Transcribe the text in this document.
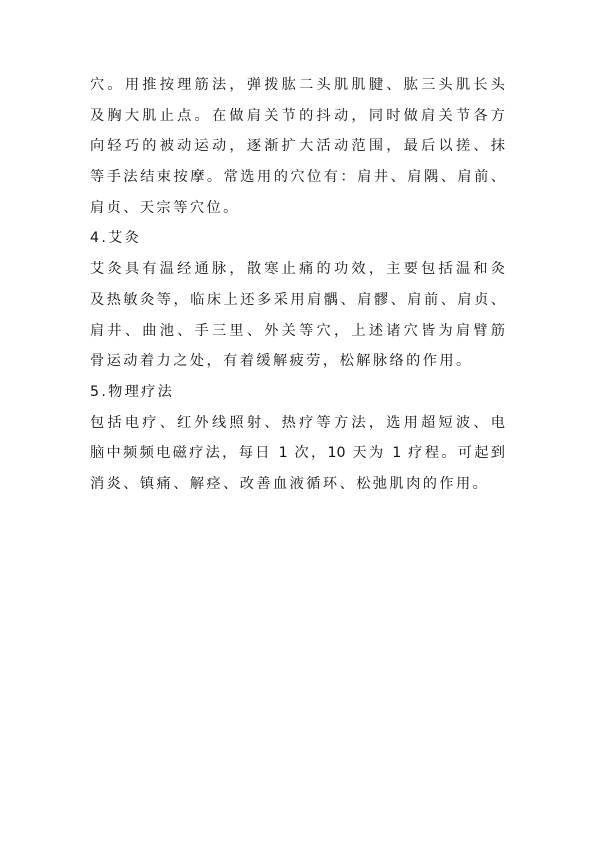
穴。用推按理筋法，弹拨肱二头肌肌腱、肱三头肌长头
及胸大肌止点。在做肩关节的抖动，同时做肩关节各方
向轻巧的被动运动，逐渐扩大活动范围，最后以搓、抹
等手法结束按摩。常选用的穴位有：肩井、肩隅、肩前、
肩贞、天宗等穴位。
4.艾灸
艾灸具有温经通脉，散寒止痛的功效，主要包括温和灸
及热敏灸等，临床上还多采用肩髃、肩髎、肩前、肩贞、
肩井、曲池、手三里、外关等穴，上述诸穴皆为肩臂筋
骨运动着力之处，有着缓解疲劳，松解脉络的作用。
5.物理疗法
包括电疗、红外线照射、热疗等方法，选用超短波、电
脑中频频电磁疗法，每日 1 次，10 天为 1 疗程。可起到
消炎、镇痛、解痉、改善血液循环、松弛肌肉的作用。
